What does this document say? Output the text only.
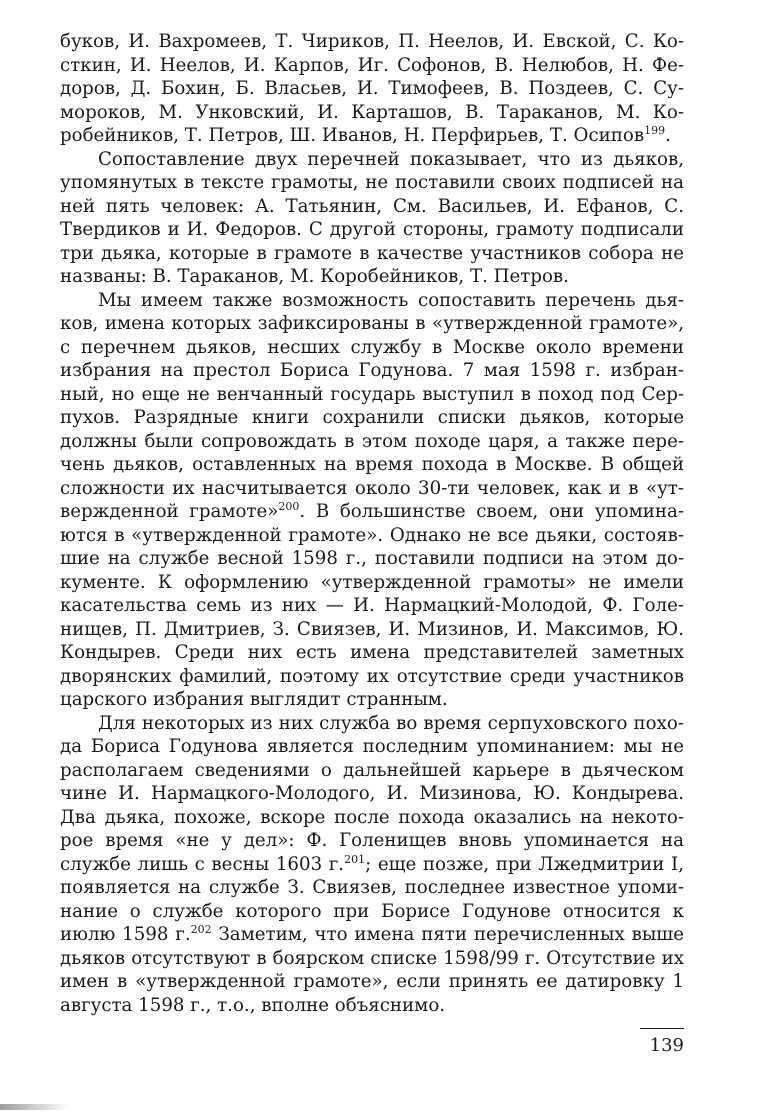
буков, И. Вахромеев, Т. Чириков, П. Неелов, И. Евской, С. Косткин, И. Неелов, И. Карпов, Иг. Софонов, В. Нелюбов, Н. Федоров, Д. Бохин, Б. Власьев, И. Тимофеев, В. Поздеев, С. Сумороков, М. Унковский, И. Карташов, В. Тараканов, М. Коробейников, Т. Петров, Ш. Иванов, Н. Перфирьев, Т. Осипов$^{199}$.

Сопоставление двух перечней показывает, что из дьяков, упомянутых в тексте грамоты, не поставили своих подписей на ней пять человек: А. Татьянин, См. Васильев, И. Ефанов, С. Твердиков и И. Федоров. С другой стороны, грамоту подписали три дьяка, которые в грамоте в качестве участников собора не названы: В. Тараканов, М. Коробейников, Т. Петров.

Мы имеем также возможность сопоставить перечень дьяков, имена которых зафиксированы в «утвержденной грамоте», с перечнем дьяков, несших службу в Москве около времени избрания на престол Бориса Годунова. 7 мая 1598 г. избранный, но еще не венчанный государь выступил в поход под Серпухов. Разрядные книги сохранили списки дьяков, которые должны были сопровождать в этом походе царя, а также перечень дьяков, оставленных на время похода в Москве. В общей сложности их насчитывается около 30-ти человек, как и в «утвержденной грамоте»$^{200}$. В большинстве своем, они упоминаются в «утвержденной грамоте». Однако не все дьяки, состоявшие на службе весной 1598 г., поставили подписи на этом документе. К оформлению «утвержденной грамоты» не имели касательства семь из них — И. Нармацкий-Молодой, Ф. Голенищев, П. Дмитриев, З. Свиязев, И. Мизинов, И. Максимов, Ю. Кондырев. Среди них есть имена представителей заметных дворянских фамилий, поэтому их отсутствие среди участников царского избрания выглядит странным.

Для некоторых из них служба во время серпуховского похода Бориса Годунова является последним упоминанием: мы не располагаем сведениями о дальнейшей карьере в дьяческом чине И. Нармацкого-Молодого, И. Мизинова, Ю. Кондырева. Два дьяка, похоже, вскоре после похода оказались на некоторое время «не у дел»: Ф. Голенищев вновь упоминается на службе лишь с весны 1603 г.$^{201}$; еще позже, при Лжедмитрии I, появляется на службе З. Свиязев, последнее известное упоминание о службе которого при Борисе Годунове относится к июлю 1598 г.$^{202}$ Заметим, что имена пяти перечисленных выше дьяков отсутствуют в боярском списке 1598/99 г. Отсутствие их имен в «утвержденной грамоте», если принять ее датировку 1 августа 1598 г., т.о., вполне объяснимо.

139
